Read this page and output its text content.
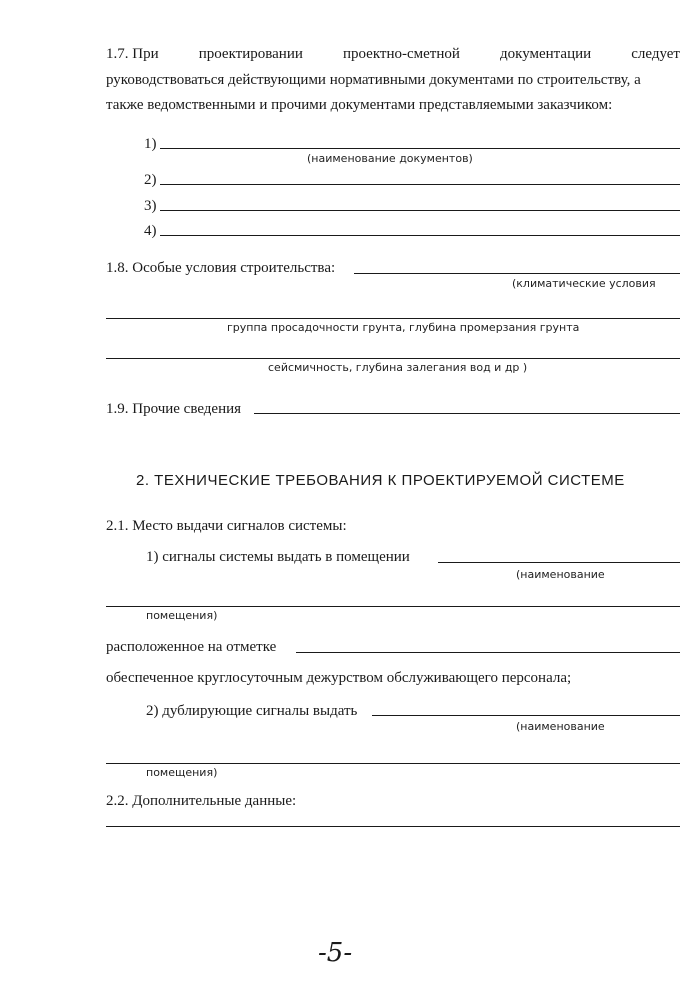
1.7. При	проектировании	проектно-сметной	документации	следует
руководствоваться действующими нормативными документами по строительству, а
также ведомственными и прочими документами представляемыми заказчиком:
1)
(наименование документов)
2)
3)
4)
1.8. Особые условия строительства:
(климатические условия
группа просадочности грунта, глубина промерзания грунта
сейсмичность, глубина залегания вод и др )
1.9. Прочие сведения
2. ТЕХНИЧЕСКИЕ ТРЕБОВАНИЯ К ПРОЕКТИРУЕМОЙ СИСТЕМЕ
2.1. Место выдачи сигналов системы:
1) сигналы системы выдать в помещении
(наименование
помещения)
расположенное на отметке
обеспеченное круглосуточным дежурством обслуживающего персонала;
2) дублирующие сигналы выдать
(наименование
помещения)
2.2. Дополнительные данные:
-5-
